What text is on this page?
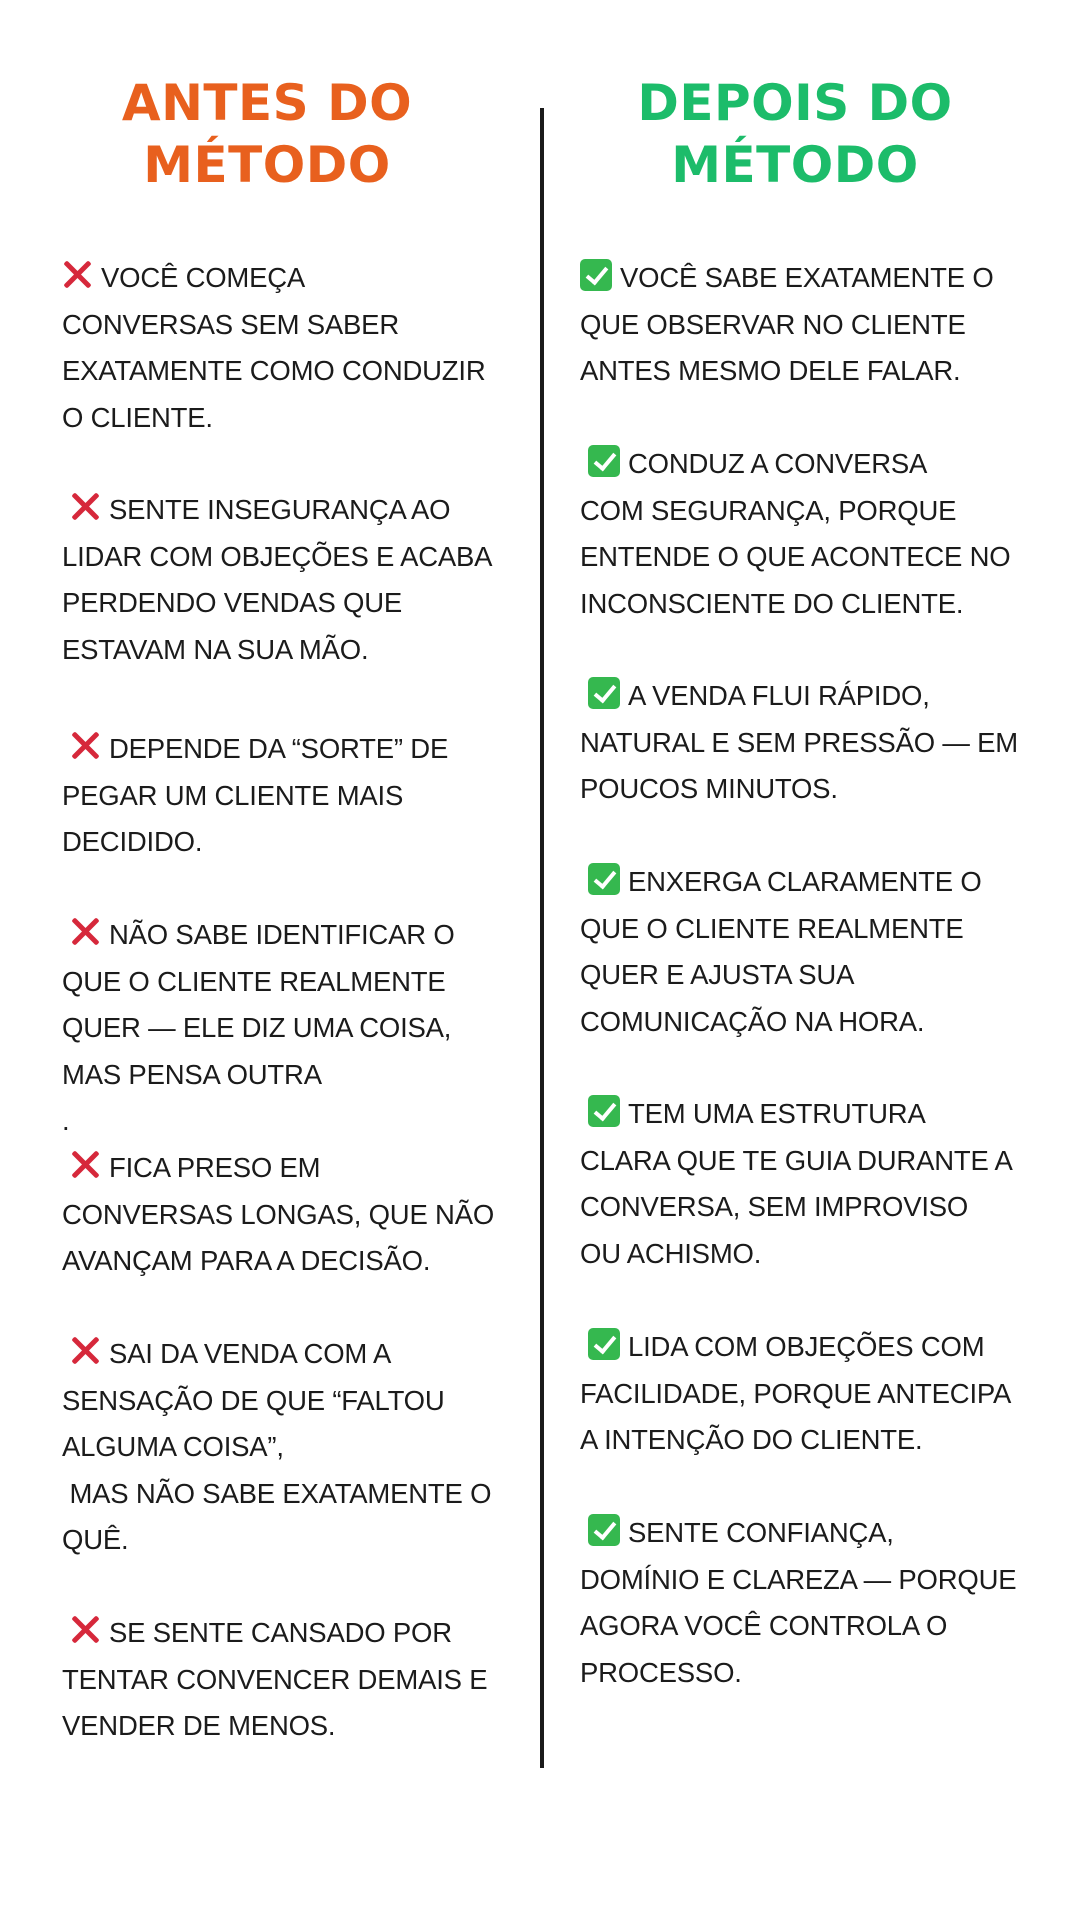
ANTES DO
MÉTODO
VOCÊ COMEÇA
CONVERSAS SEM SABER
EXATAMENTE COMO CONDUZIR
O CLIENTE.
SENTE INSEGURANÇA AO
LIDAR COM OBJEÇÕES E ACABA
PERDENDO VENDAS QUE
ESTAVAM NA SUA MÃO.
DEPENDE DA “SORTE” DE
PEGAR UM CLIENTE MAIS
DECIDIDO.
NÃO SABE IDENTIFICAR O
QUE O CLIENTE REALMENTE
QUER — ELE DIZ UMA COISA,
MAS PENSA OUTRA
.
FICA PRESO EM
CONVERSAS LONGAS, QUE NÃO
AVANÇAM PARA A DECISÃO.
SAI DA VENDA COM A
SENSAÇÃO DE QUE “FALTOU
ALGUMA COISA”,
MAS NÃO SABE EXATAMENTE O
QUÊ.
SE SENTE CANSADO POR
TENTAR CONVENCER DEMAIS E
VENDER DE MENOS.
DEPOIS DO
MÉTODO
VOCÊ SABE EXATAMENTE O
QUE OBSERVAR NO CLIENTE
ANTES MESMO DELE FALAR.
CONDUZ A CONVERSA
COM SEGURANÇA, PORQUE
ENTENDE O QUE ACONTECE NO
INCONSCIENTE DO CLIENTE.
A VENDA FLUI RÁPIDO,
NATURAL E SEM PRESSÃO — EM
POUCOS MINUTOS.
ENXERGA CLARAMENTE O
QUE O CLIENTE REALMENTE
QUER E AJUSTA SUA
COMUNICAÇÃO NA HORA.
TEM UMA ESTRUTURA
CLARA QUE TE GUIA DURANTE A
CONVERSA, SEM IMPROVISO
OU ACHISMO.
LIDA COM OBJEÇÕES COM
FACILIDADE, PORQUE ANTECIPA
A INTENÇÃO DO CLIENTE.
SENTE CONFIANÇA,
DOMÍNIO E CLAREZA — PORQUE
AGORA VOCÊ CONTROLA O
PROCESSO.
